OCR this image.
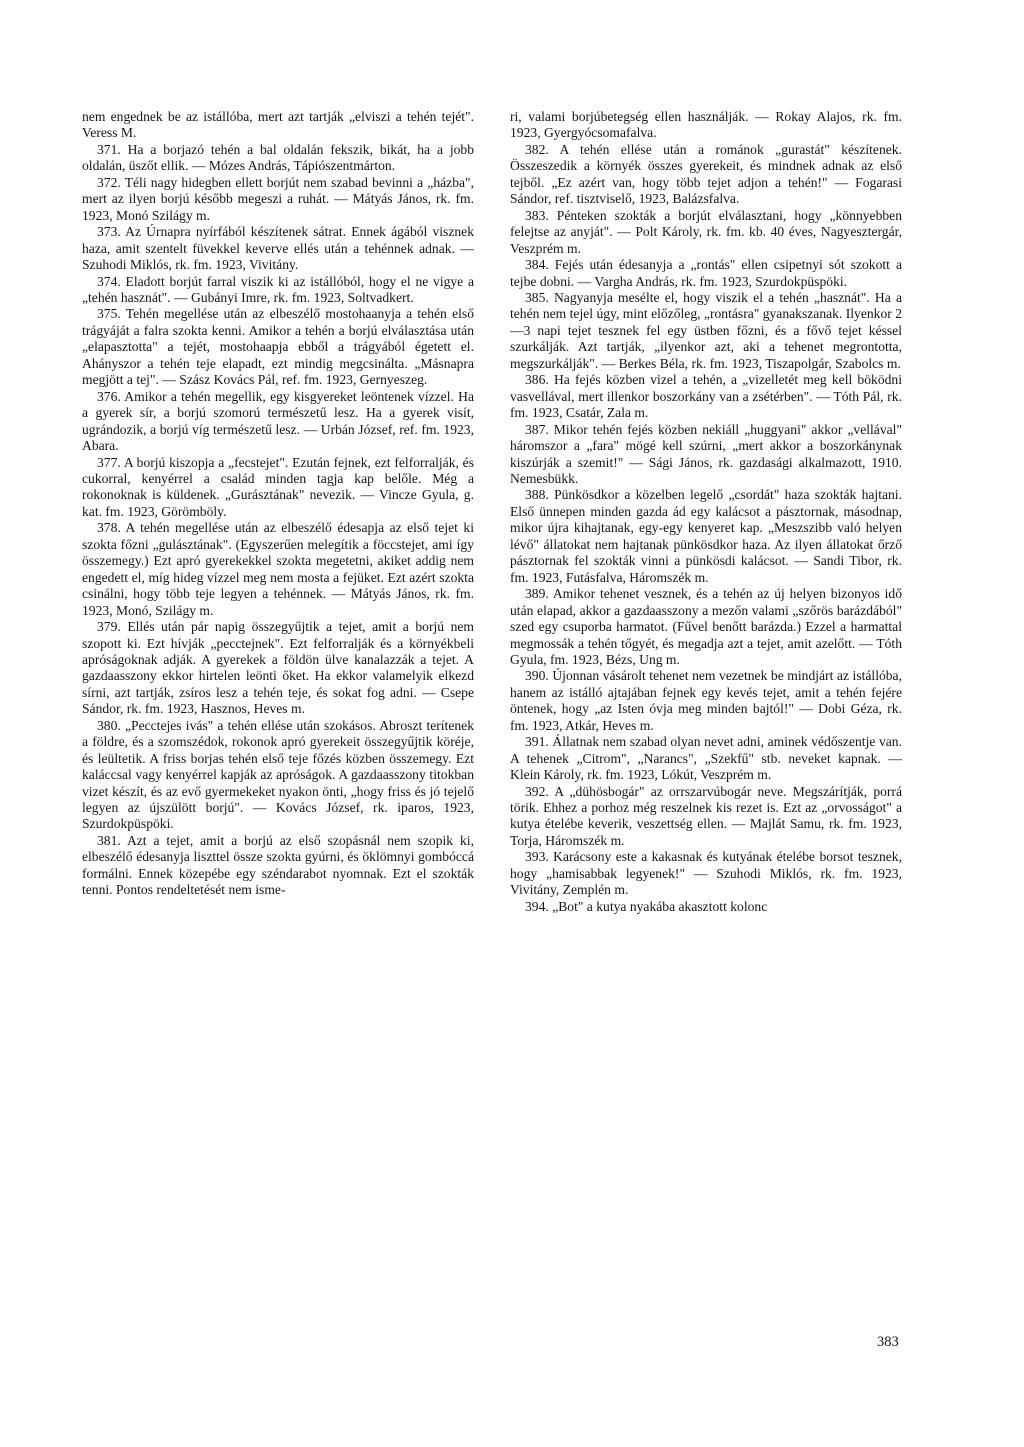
nem engednek be az istállóba, mert azt tartják „elviszi a tehén tejét". Veress M.

371. Ha a borjazó tehén a bal oldalán fekszik, bikát, ha a jobb oldalán, üszőt ellik. — Mózes András, Tápiószentmárton.

372. Téli nagy hidegben ellett borjút nem szabad bevinni a „házba", mert az ilyen borjú később megeszi a ruhát. — Mátyás János, rk. fm. 1923, Monó Szilágy m.

373. Az Úrnapra nyírfából készítenek sátrat. Ennek ágából visznek haza, amit szentelt füvekkel keverve ellés után a tehénnek adnak. — Szuhodi Miklós, rk. fm. 1923, Vivitány.

374. Eladott borjút farral viszik ki az istállóból, hogy el ne vigye a „tehén hasznát". — Gubányi Imre, rk. fm. 1923, Soltvadkert.

375. Tehén megellése után az elbeszélő mostohaanyja a tehén első trágyáját a falra szokta kenni. Amikor a tehén a borjú elválasztása után „elapasztotta" a tejét, mostohaapja ebből a trágyából égetett el. Ahányszor a tehén teje elapadt, ezt mindig megcsinálta. „Másnapra megjött a tej". — Szász Kovács Pál, ref. fm. 1923, Gernyeszeg.

376. Amikor a tehén megellik, egy kisgyereket leöntenek vízzel. Ha a gyerek sír, a borjú szomorú természetű lesz. Ha a gyerek visít, ugrándozik, a borjú víg természetű lesz. — Urbán József, ref. fm. 1923, Abara.

377. A borjú kiszopja a „fecstejet". Ezután fejnek, ezt felforralják, és cukorral, kenyérrel a család minden tagja kap belőle. Még a rokonoknak is küldenek. „Gurásztának" nevezik. — Vincze Gyula, g. kat. fm. 1923, Görömböly.

378. A tehén megellése után az elbeszélő édesapja az első tejet ki szokta főzni „gulásztának". (Egyszerűen melegítik a föccstejet, ami így összemegy.) Ezt apró gyerekekkel szokta megetetni, akiket addig nem engedett el, míg hideg vízzel meg nem mosta a fejüket. Ezt azért szokta csinálni, hogy több teje legyen a tehénnek. — Mátyás János, rk. fm. 1923, Monó, Szilágy m.

379. Ellés után pár napig összegyűjtik a tejet, amit a borjú nem szopott ki. Ezt hívják „pecctejnek". Ezt felforralják és a környékbeli apróságoknak adják. A gyerekek a földön ülve kanalazzák a tejet. A gazdaasszony ekkor hirtelen leönti őket. Ha ekkor valamelyik elkezd sírni, azt tartják, zsíros lesz a tehén teje, és sokat fog adni. — Csepe Sándor, rk. fm. 1923, Hasznos, Heves m.

380. „Pecctejes ivás" a tehén ellése után szokásos. Abroszt terítenek a földre, és a szomszédok, rokonok apró gyerekeit összegyűjtik köréje, és leültetik. A friss borjas tehén első teje főzés közben összemegy. Ezt kaláccsal vagy kenyérrel kapják az apróságok. A gazdaasszony titokban vizet készít, és az evő gyermekeket nyakon önti, „hogy friss és jó tejelő legyen az újszülött borjú". — Kovács József, rk. iparos, 1923, Szurdokpüspöki.

381. Azt a tejet, amit a borjú az első szopásnál nem szopik ki, elbeszélő édesanyja liszttel össze szokta gyúrni, és öklömnyi gombóccá formálni. Ennek közepébe egy széndarabot nyomnak. Ezt el szokták tenni. Pontos rendeltetését nem isme-

ri, valami borjúbetegség ellen használják. — Rokay Alajos, rk. fm. 1923, Gyergyócsomafalva.

382. A tehén ellése után a románok „gurastát" készítenek. Összeszedik a környék összes gyerekeit, és mindnek adnak az első tejből. „Ez azért van, hogy több tejet adjon a tehén!" — Fogarasi Sándor, ref. tisztviselő, 1923, Balázsfalva.

383. Pénteken szokták a borjút elválasztani, hogy „könnyebben felejtse az anyját". — Polt Károly, rk. fm. kb. 40 éves, Nagyesztergár, Veszprém m.

384. Fejés után édesanyja a „rontás" ellen csipetnyi sót szokott a tejbe dobni. — Vargha András, rk. fm. 1923, Szurdokpüspöki.

385. Nagyanyja mesélte el, hogy viszik el a tehén „hasznát". Ha a tehén nem tejel úgy, mint előzőleg, „rontásra" gyanakszanak. Ilyenkor 2—3 napi tejet tesznek fel egy üstben főzni, és a fővő tejet késsel szurkálják. Azt tartják, „ilyenkor azt, aki a tehenet megrontotta, megszurkálják". — Berkes Béla, rk. fm. 1923, Tiszapolgár, Szabolcs m.

386. Ha fejés közben vizel a tehén, a „vizelletét meg kell böködni vasvellával, mert illenkor boszorkány van a zsétérben". — Tóth Pál, rk. fm. 1923, Csatár, Zala m.

387. Mikor tehén fejés közben nekiáll „huggyani" akkor „vellával" háromszor a „fara" mögé kell szúrni, „mert akkor a boszorkánynak kiszúrják a szemit!" — Sági János, rk. gazdasági alkalmazott, 1910. Nemesbükk.

388. Pünkösdkor a közelben legelő „csordát" haza szokták hajtani. Első ünnepen minden gazda ád egy kalácsot a pásztornak, másodnap, mikor újra kihajtanak, egy-egy kenyeret kap. „Meszszibb való helyen lévő" állatokat nem hajtanak pünkösdkor haza. Az ilyen állatokat őrző pásztornak fel szokták vinni a pünkösdi kalácsot. — Sandi Tibor, rk. fm. 1923, Futásfalva, Háromszék m.

389. Amikor tehenet vesznek, és a tehén az új helyen bizonyos idő után elapad, akkor a gazdaasszony a mezőn valami „szőrös barázdából" szed egy csuporba harmatot. (Fűvel benőtt barázda.) Ezzel a harmattal megmossák a tehén tőgyét, és megadja azt a tejet, amit azelőtt. — Tóth Gyula, fm. 1923, Bézs, Ung m.

390. Újonnan vásárolt tehenet nem vezetnek be mindjárt az istállóba, hanem az istálló ajtajában fejnek egy kevés tejet, amit a tehén fejére öntenek, hogy „az Isten óvja meg minden bajtól!" — Dobi Géza, rk. fm. 1923, Atkár, Heves m.

391. Állatnak nem szabad olyan nevet adni, aminek védőszentje van. A tehenek „Citrom", „Narancs", „Szekfű" stb. neveket kapnak. — Klein Károly, rk. fm. 1923, Lókút, Veszprém m.

392. A „dühösbogár" az orrszarvúbogár neve. Megszárítják, porrá törik. Ehhez a porhoz még reszelnek kis rezet is. Ezt az „orvosságot" a kutya ételébe keverik, veszettség ellen. — Majlát Samu, rk. fm. 1923, Torja, Háromszék m.

393. Karácsony este a kakasnak és kutyának ételébe borsot tesznek, hogy „hamisabbak legyenek!" — Szuhodi Miklós, rk. fm. 1923, Vivitány, Zemplén m.

394. „Bot" a kutya nyakába akasztott kolonc

383
